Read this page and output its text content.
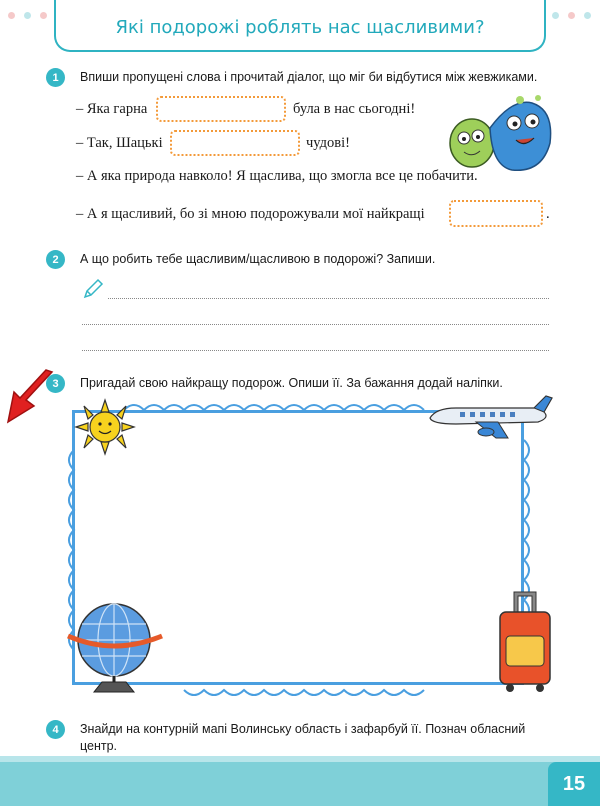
Які подорожі роблять нас щасливими?
1	Впиши пропущені слова і прочитай діалог, що міг би відбутися між жевжиками.
– Яка гарна	була в нас сьогодні!
– Так, Шацькі	чудові!
– А яка природа навколо! Я щаслива, що змогла все це побачити.
– А я щасливий, бо зі мною подорожували мої найкращі	.
2	А що робить тебе щасливим/щасливою в подорожі? Запиши.
3	Пригадай свою найкращу подорож. Опиши її. За бажання додай наліпки.
4	Знайди на контурній мапі Волинську область і зафарбуй її. Познач обласний
центр.
15
